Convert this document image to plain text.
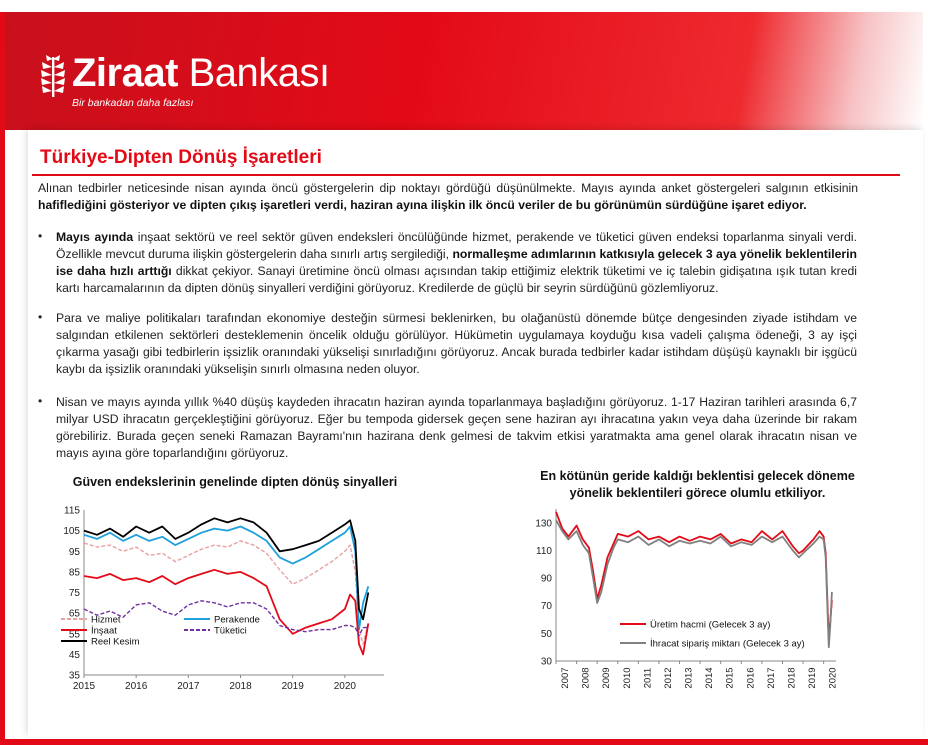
Ziraat Bankası
Bir bankadan daha fazlası
Türkiye-Dipten Dönüş İşaretleri
Alınan tedbirler neticesinde nisan ayında öncü göstergelerin dip noktayı gördüğü düşünülmekte. Mayıs ayında anket göstergeleri salgının etkisinin hafiflediğini gösteriyor ve dipten çıkış işaretleri verdi, haziran ayına ilişkin ilk öncü veriler de bu görünümün sürdüğüne işaret ediyor.
• Mayıs ayında inşaat sektörü ve reel sektör güven endeksleri öncülüğünde hizmet, perakende ve tüketici güven endeksi toparlanma sinyali verdi. Özellikle mevcut duruma ilişkin göstergelerin daha sınırlı artış sergilediği, normalleşme adımlarının katkısıyla gelecek 3 aya yönelik beklentilerin ise daha hızlı arttığı dikkat çekiyor. Sanayi üretimine öncü olması açısından takip ettiğimiz elektrik tüketimi ve iç talebin gidişatına ışık tutan kredi kartı harcamalarının da dipten dönüş sinyalleri verdiğini görüyoruz. Kredilerde de güçlü bir seyrin sürdüğünü gözlemliyoruz.
• Para ve maliye politikaları tarafından ekonomiye desteğin sürmesi beklenirken, bu olağanüstü dönemde bütçe dengesinden ziyade istihdam ve salgından etkilenen sektörleri desteklemenin öncelik olduğu görülüyor. Hükümetin uygulamaya koyduğu kısa vadeli çalışma ödeneği, 3 ay işçi çıkarma yasağı gibi tedbirlerin işsizlik oranındaki yükselişi sınırladığını görüyoruz. Ancak burada tedbirler kadar istihdam düşüşü kaynaklı bir işgücü kaybı da işsizlik oranındaki yükselişin sınırlı olmasına neden oluyor.
• Nisan ve mayıs ayında yıllık %40 düşüş kaydeden ihracatın haziran ayında toparlanmaya başladığını görüyoruz. 1-17 Haziran tarihleri arasında 6,7 milyar USD ihracatın gerçekleştiğini görüyoruz. Eğer bu tempoda gidersek geçen sene haziran ayı ihracatına yakın veya daha üzerinde bir rakam görebiliriz. Burada geçen seneki Ramazan Bayramı'nın hazirana denk gelmesi de takvim etkisi yaratmakta ama genel olarak ihracatın nisan ve mayıs ayına göre toparlandığını görüyoruz.
Güven endekslerinin genelinde dipten dönüş sinyalleri	En kötünün geride kaldığı beklentisi gelecek döneme yönelik beklentileri görece olumlu etkiliyor.
115
105
95
85
75
65
55
45
35
2015	2016	2017	2018	2019	2020
Hizmet	Perakende
İnşaat	Tüketici
Reel Kesim
130
110
90
70
50
30
2007 2008 2009 2010 2011 2012 2013 2014 2015 2016 2017 2018 2019 2020
Üretim hacmi (Gelecek 3 ay)
İhracat sipariş miktarı (Gelecek 3 ay)
